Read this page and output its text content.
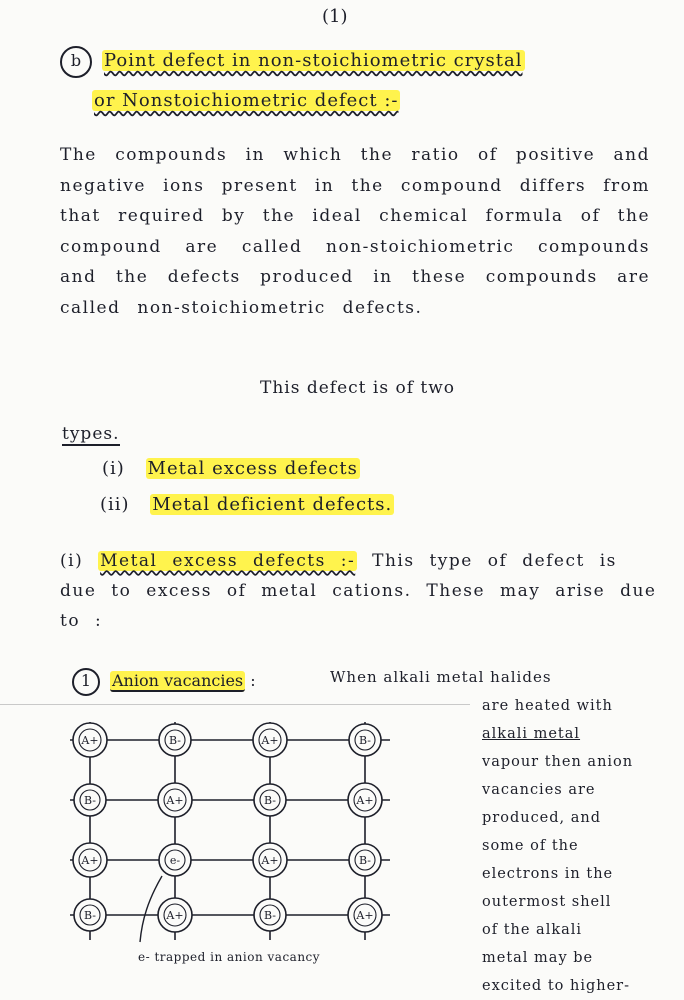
(1)
b	Point defect in non-stoichiometric crystal
or Nonstoichiometric defect :-
The compounds in which the ratio of positive and negative ions present in the compound differs from that required by the ideal chemical formula of the compound are called non-stoichiometric compounds and the defects produced in these compounds are called non-stoichiometric defects.
This defect is of two
types.
(i) Metal excess defects
(ii) Metal deficient defects.
(i) Metal excess defects :- This type of defect is due to excess of metal cations. These may arise due to :
1 Anion vacancies :	When alkali metal halides
are heated with
alkali metal
vapour then anion
vacancies are
produced, and
some of the
electrons in the
outermost shell
of the alkali
metal may be
excited to higher-
A+	B-	A+	B-
B-	A+	B-	A+
A+	e-	A+	B-
B-	A+	B-	A+
e- trapped in anion vacancy
